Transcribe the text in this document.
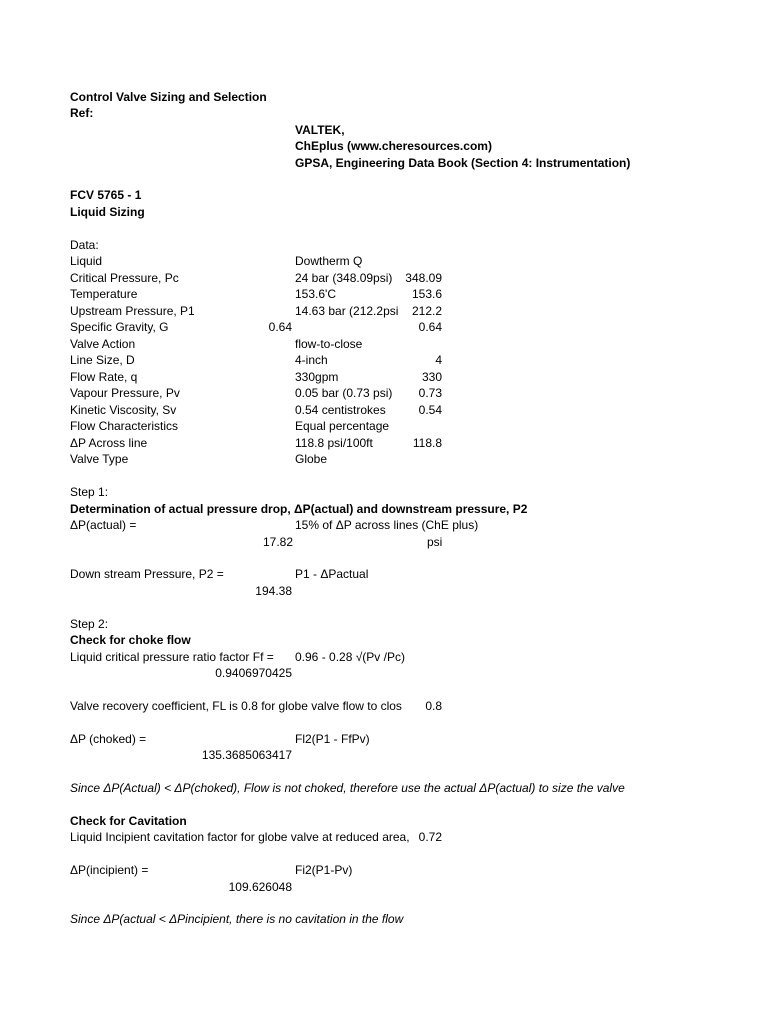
Control Valve Sizing and Selection
Ref:
VALTEK,
ChEplus (www.cheresources.com)
GPSA, Engineering Data Book (Section 4: Instrumentation)
FCV 5765 - 1
Liquid Sizing
Data:
Liquid	Dowtherm Q
Critical Pressure, Pc	24 bar (348.09psi) 348.09
Temperature	153.6'C	153.6
Upstream Pressure, P1	14.63 bar (212.2psi 212.2
Specific Gravity, G	0.64	0.64
Valve Action	flow-to-close
Line Size, D	4-inch	4
Flow Rate, q	330gpm	330
Vapour Pressure, Pv	0.05 bar (0.73 psi) 0.73
Kinetic Viscosity, Sv	0.54 centistrokes	0.54
Flow Characteristics	Equal percentage
ΔP Across line	118.8 psi/100ft	118.8
Valve Type	Globe
Step 1:
Determination of actual pressure drop, ΔP(actual) and downstream pressure, P2
ΔP(actual) =	15% of ΔP across lines (ChE plus)
17.82	psi
Down stream Pressure, P2 =	P1 - ΔPactual
194.38
Step 2:
Check for choke flow
Liquid critical pressure ratio factor Ff = 0.96 - 0.28 √(Pv /Pc)
0.9406970425
Valve recovery coefficient, FL is 0.8 for globe valve flow to clos 0.8
ΔP (choked) =	Fl2(P1 - FfPv)
135.3685063417
Since ΔP(Actual) < ΔP(choked), Flow is not choked, therefore use the actual ΔP(actual) to size the valve
Check for Cavitation
Liquid Incipient cavitation factor for globe valve at reduced area, 0.72
ΔP(incipient) =	Fi2(P1-Pv)
109.626048
Since ΔP(actual < ΔPincipient, there is no cavitation in the flow
